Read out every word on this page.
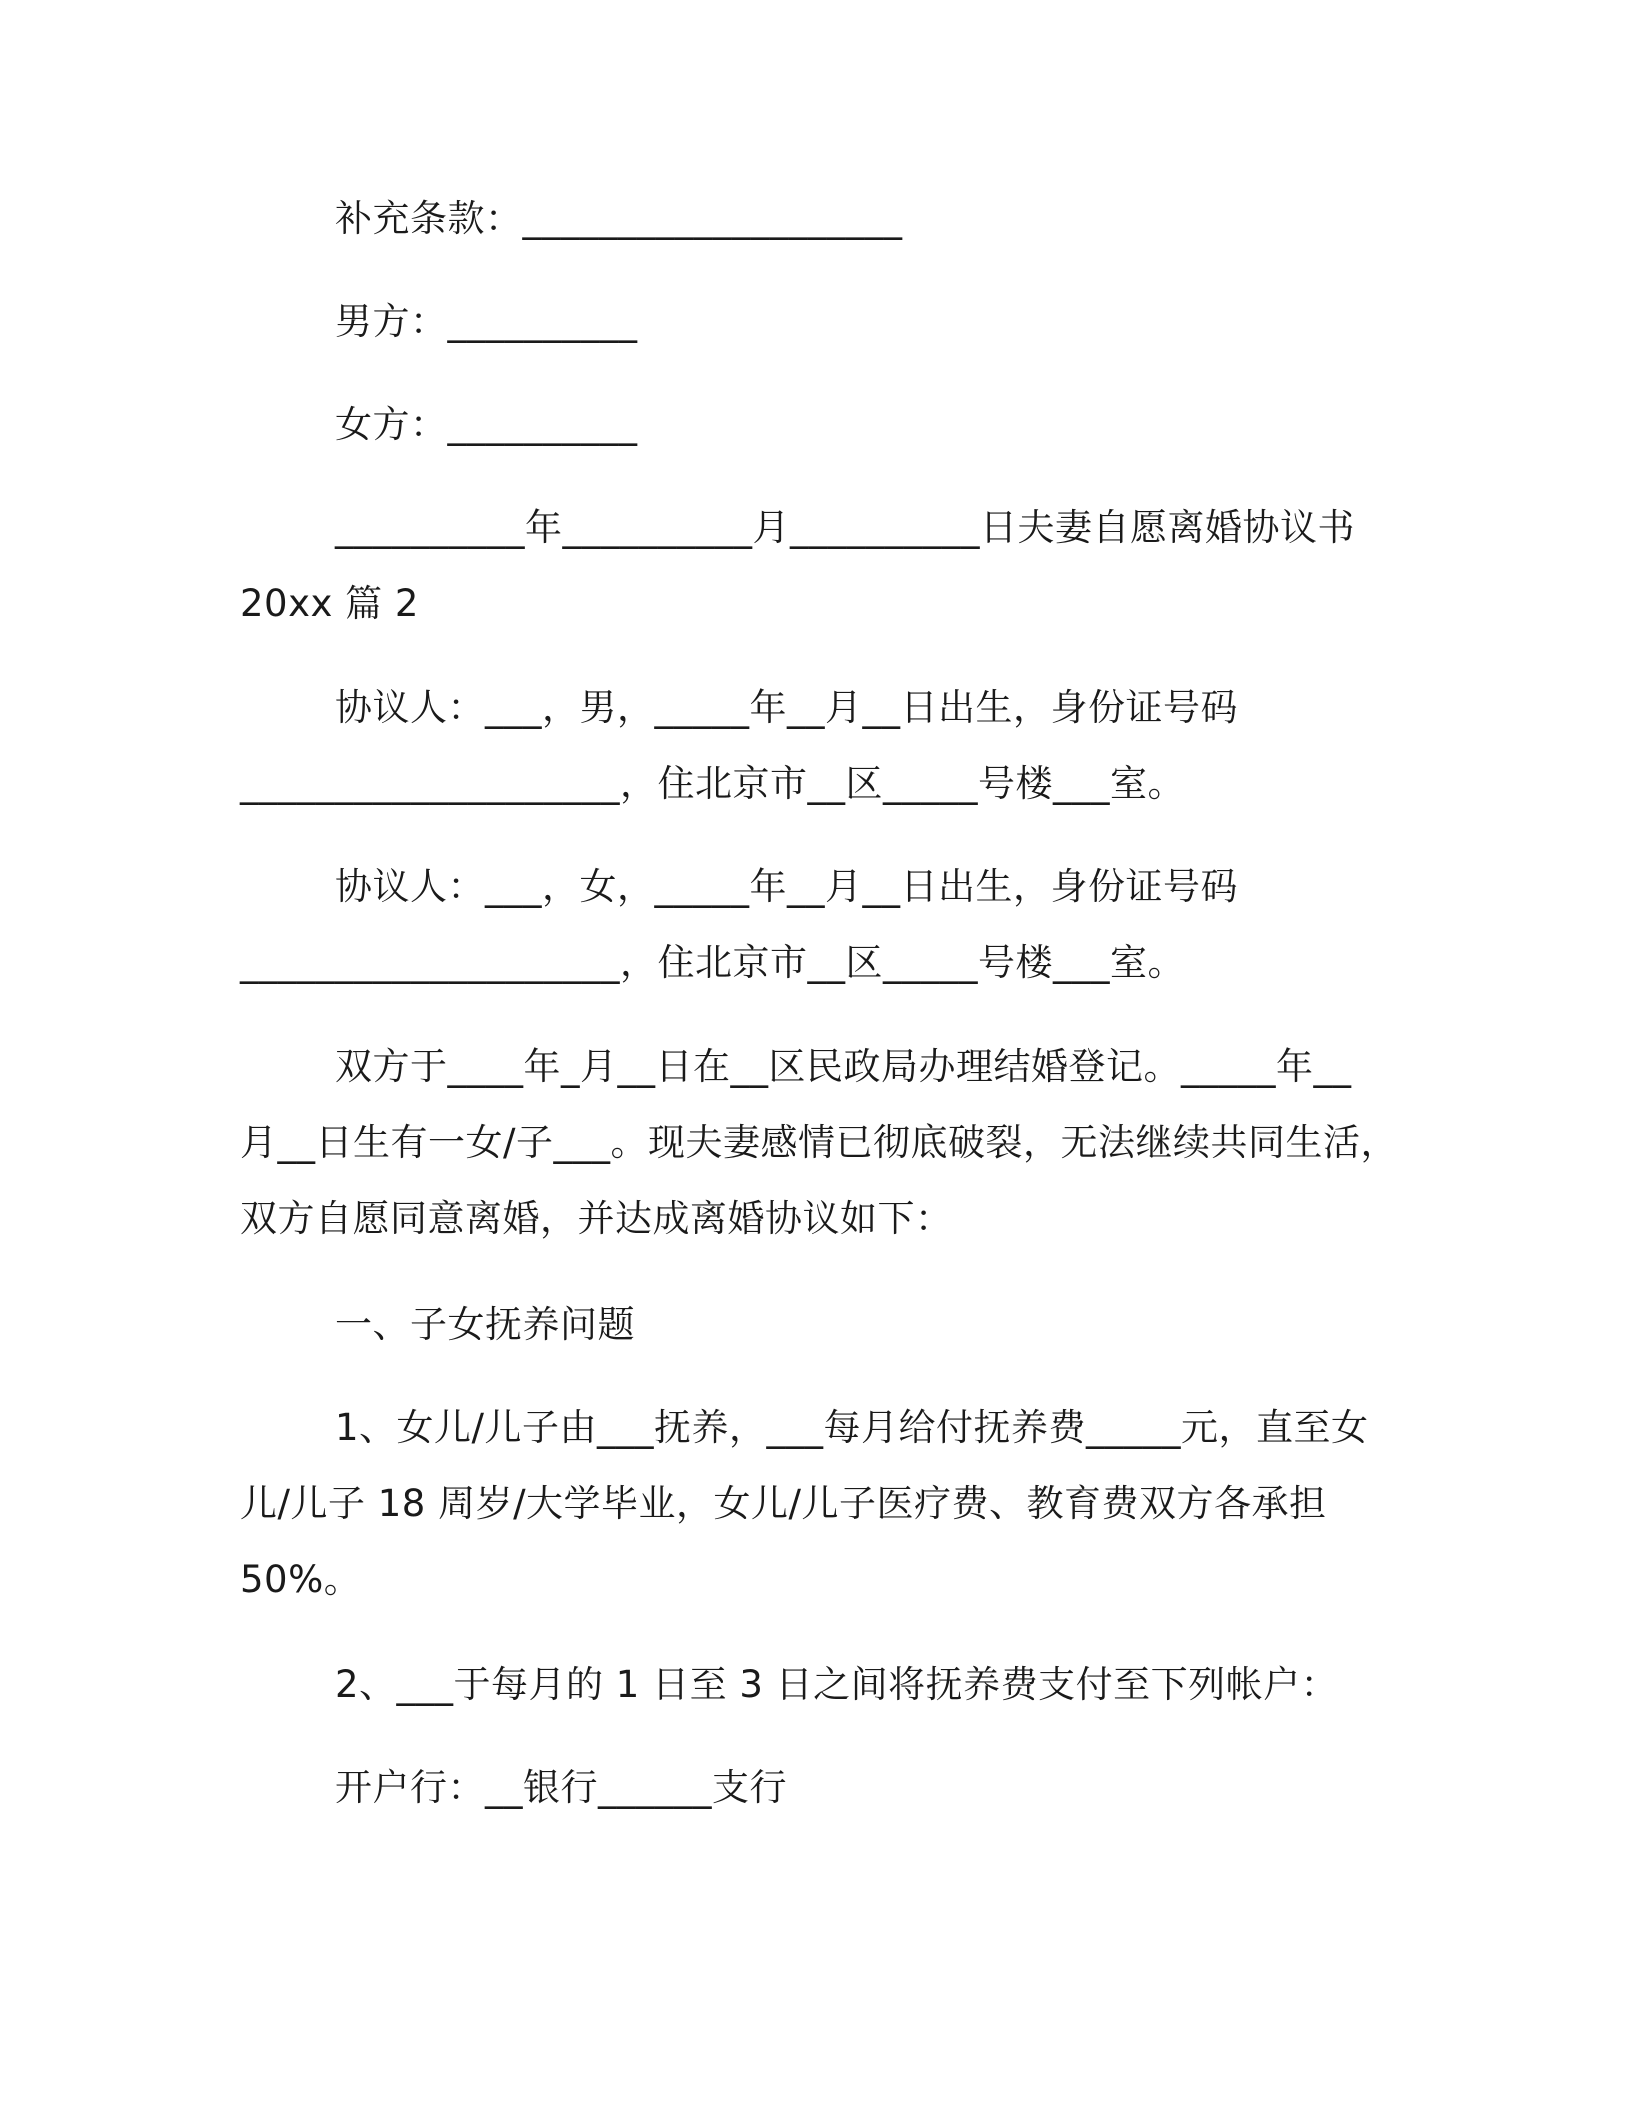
补充条款：____________________
男方：__________
女方：__________
__________年__________月__________日夫妻自愿离婚协议书
20xx 篇 2
协议人：___，男，_____年__月__日出生，身份证号码
____________________，住北京市__区_____号楼___室。
协议人：___，女，_____年__月__日出生，身份证号码
____________________，住北京市__区_____号楼___室。
双方于____年_月__日在__区民政局办理结婚登记。_____年__
月__日生有一女/子___。现夫妻感情已彻底破裂，无法继续共同生活，
双方自愿同意离婚，并达成离婚协议如下：
一、子女抚养问题
1、女儿/儿子由___抚养，___每月给付抚养费_____元，直至女
儿/儿子 18 周岁/大学毕业，女儿/儿子医疗费、教育费双方各承担
50%。
2、___于每月的 1 日至 3 日之间将抚养费支付至下列帐户：
开户行：__银行______支行
